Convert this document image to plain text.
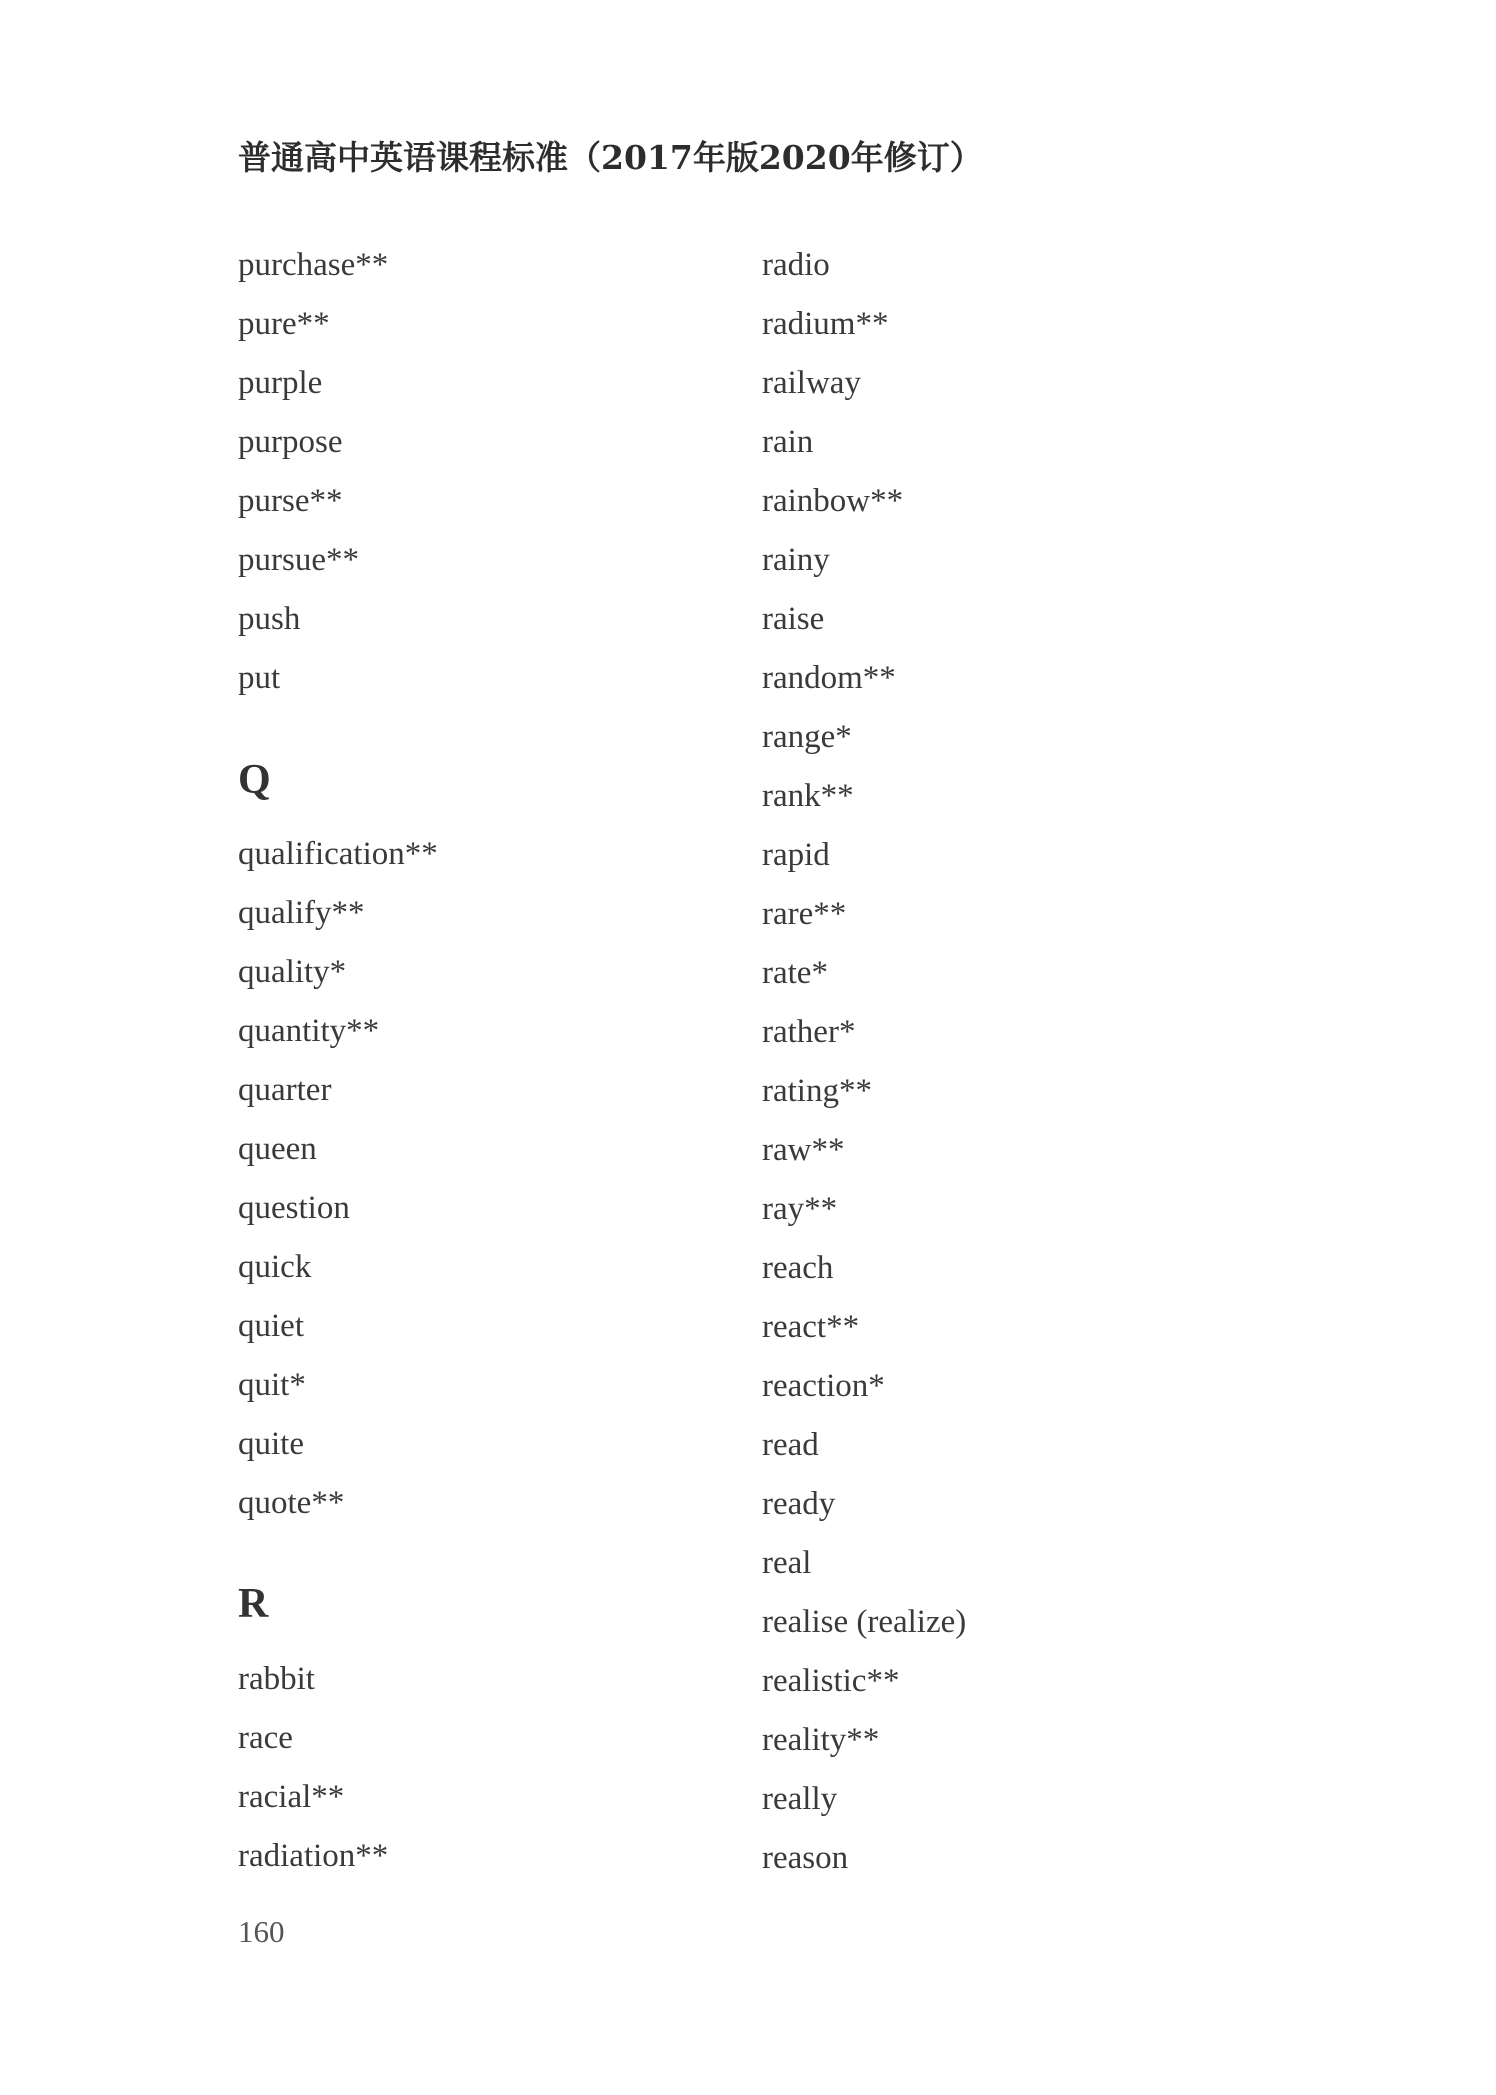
普通高中英语课程标准（2017年版2020年修订）
purchase**
pure**
purple
purpose
purse**
pursue**
push
put
Q
qualification**
qualify**
quality*
quantity**
quarter
queen
question
quick
quiet
quit*
quite
quote**
R
rabbit
race
racial**
radiation**
radio
radium**
railway
rain
rainbow**
rainy
raise
random**
range*
rank**
rapid
rare**
rate*
rather*
rating**
raw**
ray**
reach
react**
reaction*
read
ready
real
realise (realize)
realistic**
reality**
really
reason
160
